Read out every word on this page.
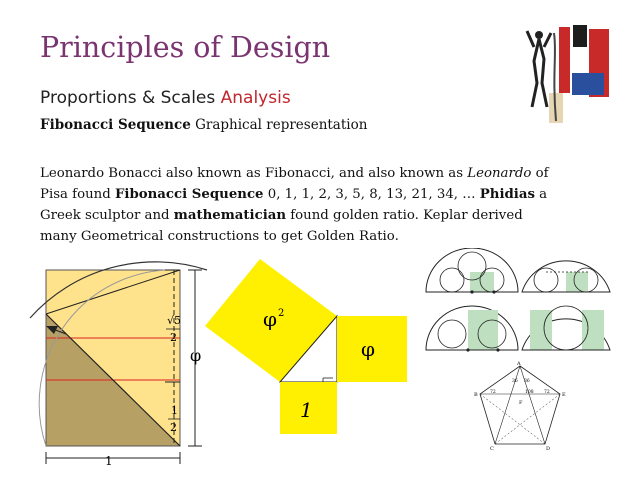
Principles of Design
Proportions & Scales Analysis
Fibonacci Sequence Graphical representation
Leonardo Bonacci also known as Fibonacci, and also known as Leonardo of
Pisa found Fibonacci Sequence 0, 1, 1, 2, 3, 5, 8, 13, 21, 34, … Phidias a
Greek sculptor and mathematician found golden ratio. Keplar derived
many Geometrical constructions to get Golden Ratio.
√5
2
φ
1
2
1
φ 2
φ
1
A
B	E
C	D
F
36 36
72	72
108
